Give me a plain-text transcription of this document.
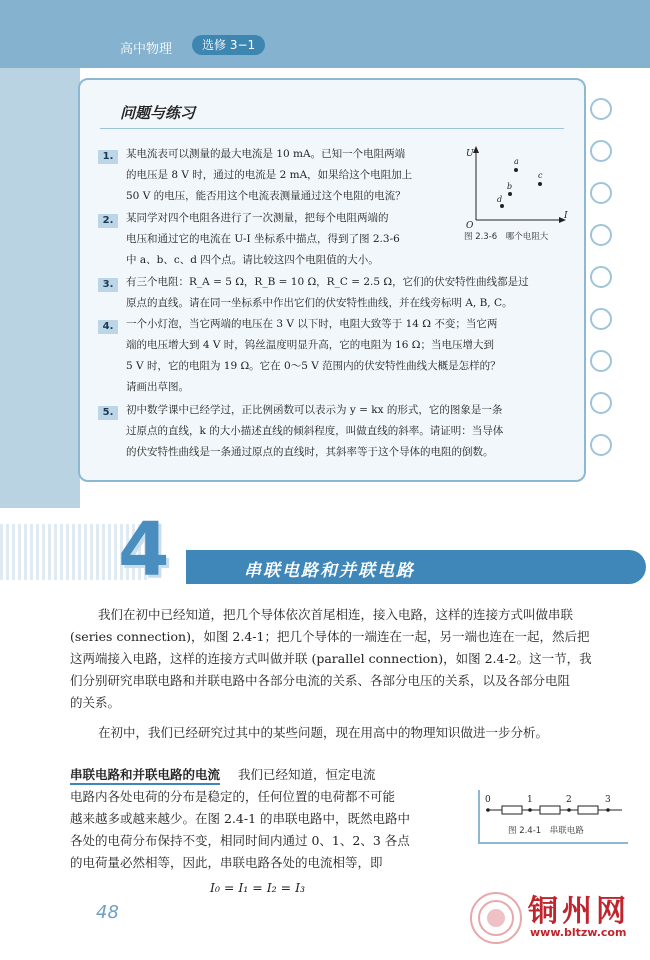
高中物理	选修 3−1
问题与练习
1.	某电流表可以测量的最大电流是 10 mA。已知一个电阻两端
的电压是 8 V 时，通过的电流是 2 mA，如果给这个电阻加上
50 V 的电压，能否用这个电流表测量通过这个电阻的电流？
2.	某同学对四个电阻各进行了一次测量，把每个电阻两端的
电压和通过它的电流在 U-I 坐标系中描点，得到了图 2.3-6
中 a、b、c、d 四个点。请比较这四个电阻值的大小。
3.	有三个电阻：R_A = 5 Ω，R_B = 10 Ω，R_C = 2.5 Ω，它们的伏安特性曲线都是过
原点的直线。请在同一坐标系中作出它们的伏安特性曲线，并在线旁标明 A, B, C。
4.	一个小灯泡，当它两端的电压在 3 V 以下时，电阻大致等于 14 Ω 不变；当它两
端的电压增大到 4 V 时，钨丝温度明显升高，它的电阻为 16 Ω；当电压增大到
5 V 时，它的电阻为 19 Ω。它在 0～5 V 范围内的伏安特性曲线大概是怎样的？
请画出草图。
5.	初中数学课中已经学过，正比例函数可以表示为 y = kx 的形式，它的图象是一条
过原点的直线，k 的大小描述直线的倾斜程度，叫做直线的斜率。请证明：当导体
的伏安特性曲线是一条通过原点的直线时，其斜率等于这个导体的电阻的倒数。
U
I
O
a
b
c
d
图 2.3-6　哪个电阻大
4	串联电路和并联电路
我们在初中已经知道，把几个导体依次首尾相连，接入电路，这样的连接方式叫做串联
(series connection)，如图 2.4-1；把几个导体的一端连在一起，另一端也连在一起，然后把
这两端接入电路，这样的连接方式叫做并联 (parallel connection)，如图 2.4-2。这一节，我
们分别研究串联电路和并联电路中各部分电流的关系、各部分电压的关系，以及各部分电阻
的关系。
在初中，我们已经研究过其中的某些问题，现在用高中的物理知识做进一步分析。
串联电路和并联电路的电流 我们已经知道，恒定电流
电路内各处电荷的分布是稳定的，任何位置的电荷都不可能
越来越多或越来越少。在图 2.4-1 的串联电路中，既然电路中
各处的电荷分布保持不变，相同时间内通过 0、1、2、3 各点
的电荷量必然相等，因此，串联电路各处的电流相等，即
0	1	2	3
图 2.4-1　串联电路
I₀ = I₁ = I₂ = I₃
48	铜州网
www.bltzw.com
